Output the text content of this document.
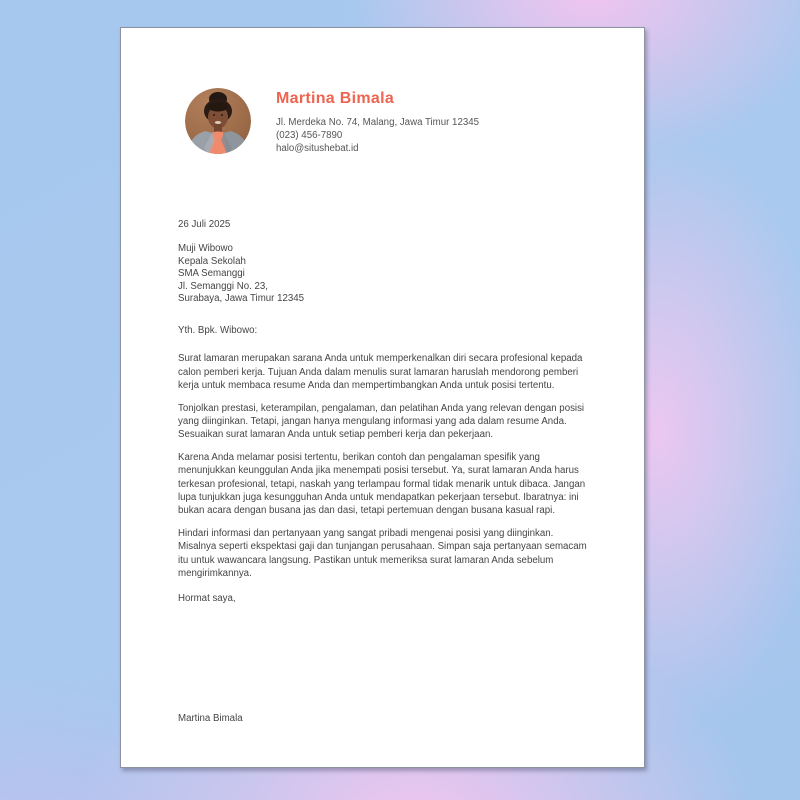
Martina Bimala
Jl. Merdeka No. 74, Malang, Jawa Timur 12345
(023) 456-7890
halo@situshebat.id
26 Juli 2025
Muji Wibowo
Kepala Sekolah
SMA Semanggi
Jl. Semanggi No. 23,
Surabaya, Jawa Timur 12345
Yth. Bpk. Wibowo:

Surat lamaran merupakan sarana Anda untuk memperkenalkan diri secara profesional kepada calon pemberi kerja. Tujuan Anda dalam menulis surat lamaran haruslah mendorong pemberi kerja untuk membaca resume Anda dan mempertimbangkan Anda untuk posisi tertentu.

Tonjolkan prestasi, keterampilan, pengalaman, dan pelatihan Anda yang relevan dengan posisi yang diinginkan. Tetapi, jangan hanya mengulang informasi yang ada dalam resume Anda. Sesuaikan surat lamaran Anda untuk setiap pemberi kerja dan pekerjaan.

Karena Anda melamar posisi tertentu, berikan contoh dan pengalaman spesifik yang menunjukkan keunggulan Anda jika menempati posisi tersebut. Ya, surat lamaran Anda harus terkesan profesional, tetapi, naskah yang terlampau formal tidak menarik untuk dibaca. Jangan lupa tunjukkan juga kesungguhan Anda untuk mendapatkan pekerjaan tersebut. Ibaratnya: ini bukan acara dengan busana jas dan dasi, tetapi pertemuan dengan busana kasual rapi.

Hindari informasi dan pertanyaan yang sangat pribadi mengenai posisi yang diinginkan. Misalnya seperti ekspektasi gaji dan tunjangan perusahaan. Simpan saja pertanyaan semacam itu untuk wawancara langsung. Pastikan untuk memeriksa surat lamaran Anda sebelum mengirimkannya.

Hormat saya,
Martina Bimala
